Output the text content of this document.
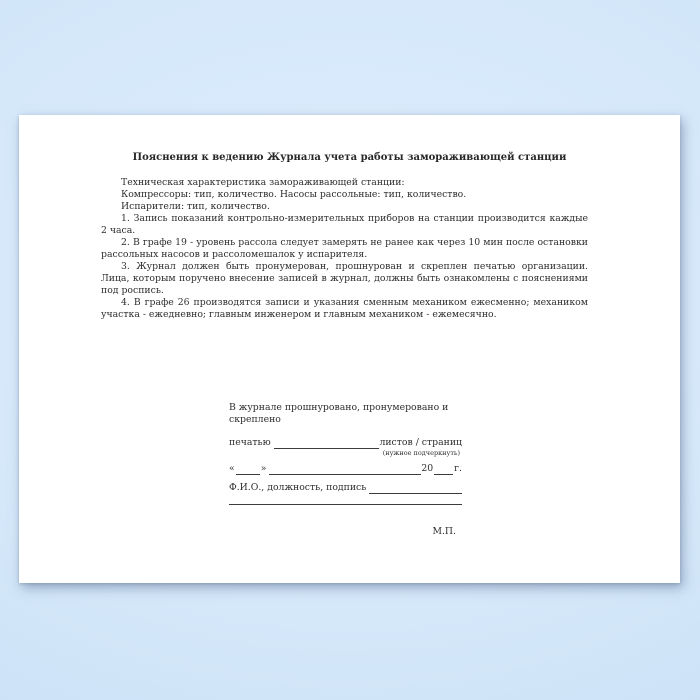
Пояснения к ведению Журнала учета работы замораживающей станции

Техническая характеристика замораживающей станции:

Компрессоры: тип, количество. Насосы рассольные: тип, количество.

Испарители: тип, количество.

1. Запись показаний контрольно-измерительных приборов на станции производится каждые 2 часа.

2. В графе 19 - уровень рассола следует замерять не ранее как через 10 мин после остановки рассольных насосов и рассоломешалок у испарителя.

3. Журнал должен быть пронумерован, прошнурован и скреплен печатью организации. Лица, которым поручено внесение записей в журнал, должны быть ознакомлены с пояснениями под роспись.

4. В графе 26 производятся записи и указания сменным механиком ежесменно; механиком участка - ежедневно; главным инженером и главным механиком - ежемесячно.

В журнале прошнуровано, пронумеровано и скреплено
печатью	листов / страниц
(нужное подчеркнуть)
«	»	20 г.
Ф.И.О., должность, подпись
М.П.
